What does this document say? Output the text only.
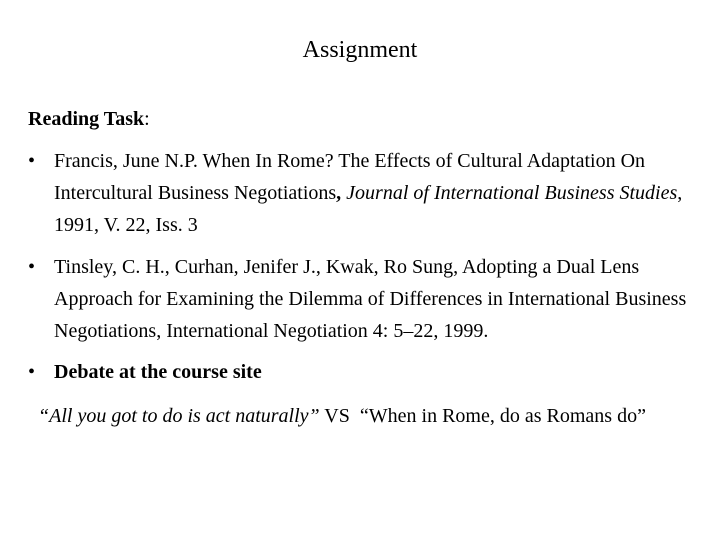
Assignment
Reading Task:
• Francis, June N.P. When In Rome? The Effects of Cultural Adaptation On Intercultural Business Negotiations, Journal of International Business Studies, 1991, V. 22, Iss. 3
• Tinsley, C. H., Curhan, Jenifer J., Kwak, Ro Sung, Adopting a Dual Lens Approach for Examining the Dilemma of Differences in International Business Negotiations, International Negotiation 4: 5–22, 1999.
• Debate at the course site

“All you got to do is act naturally” VS  “When in Rome, do as Romans do”
